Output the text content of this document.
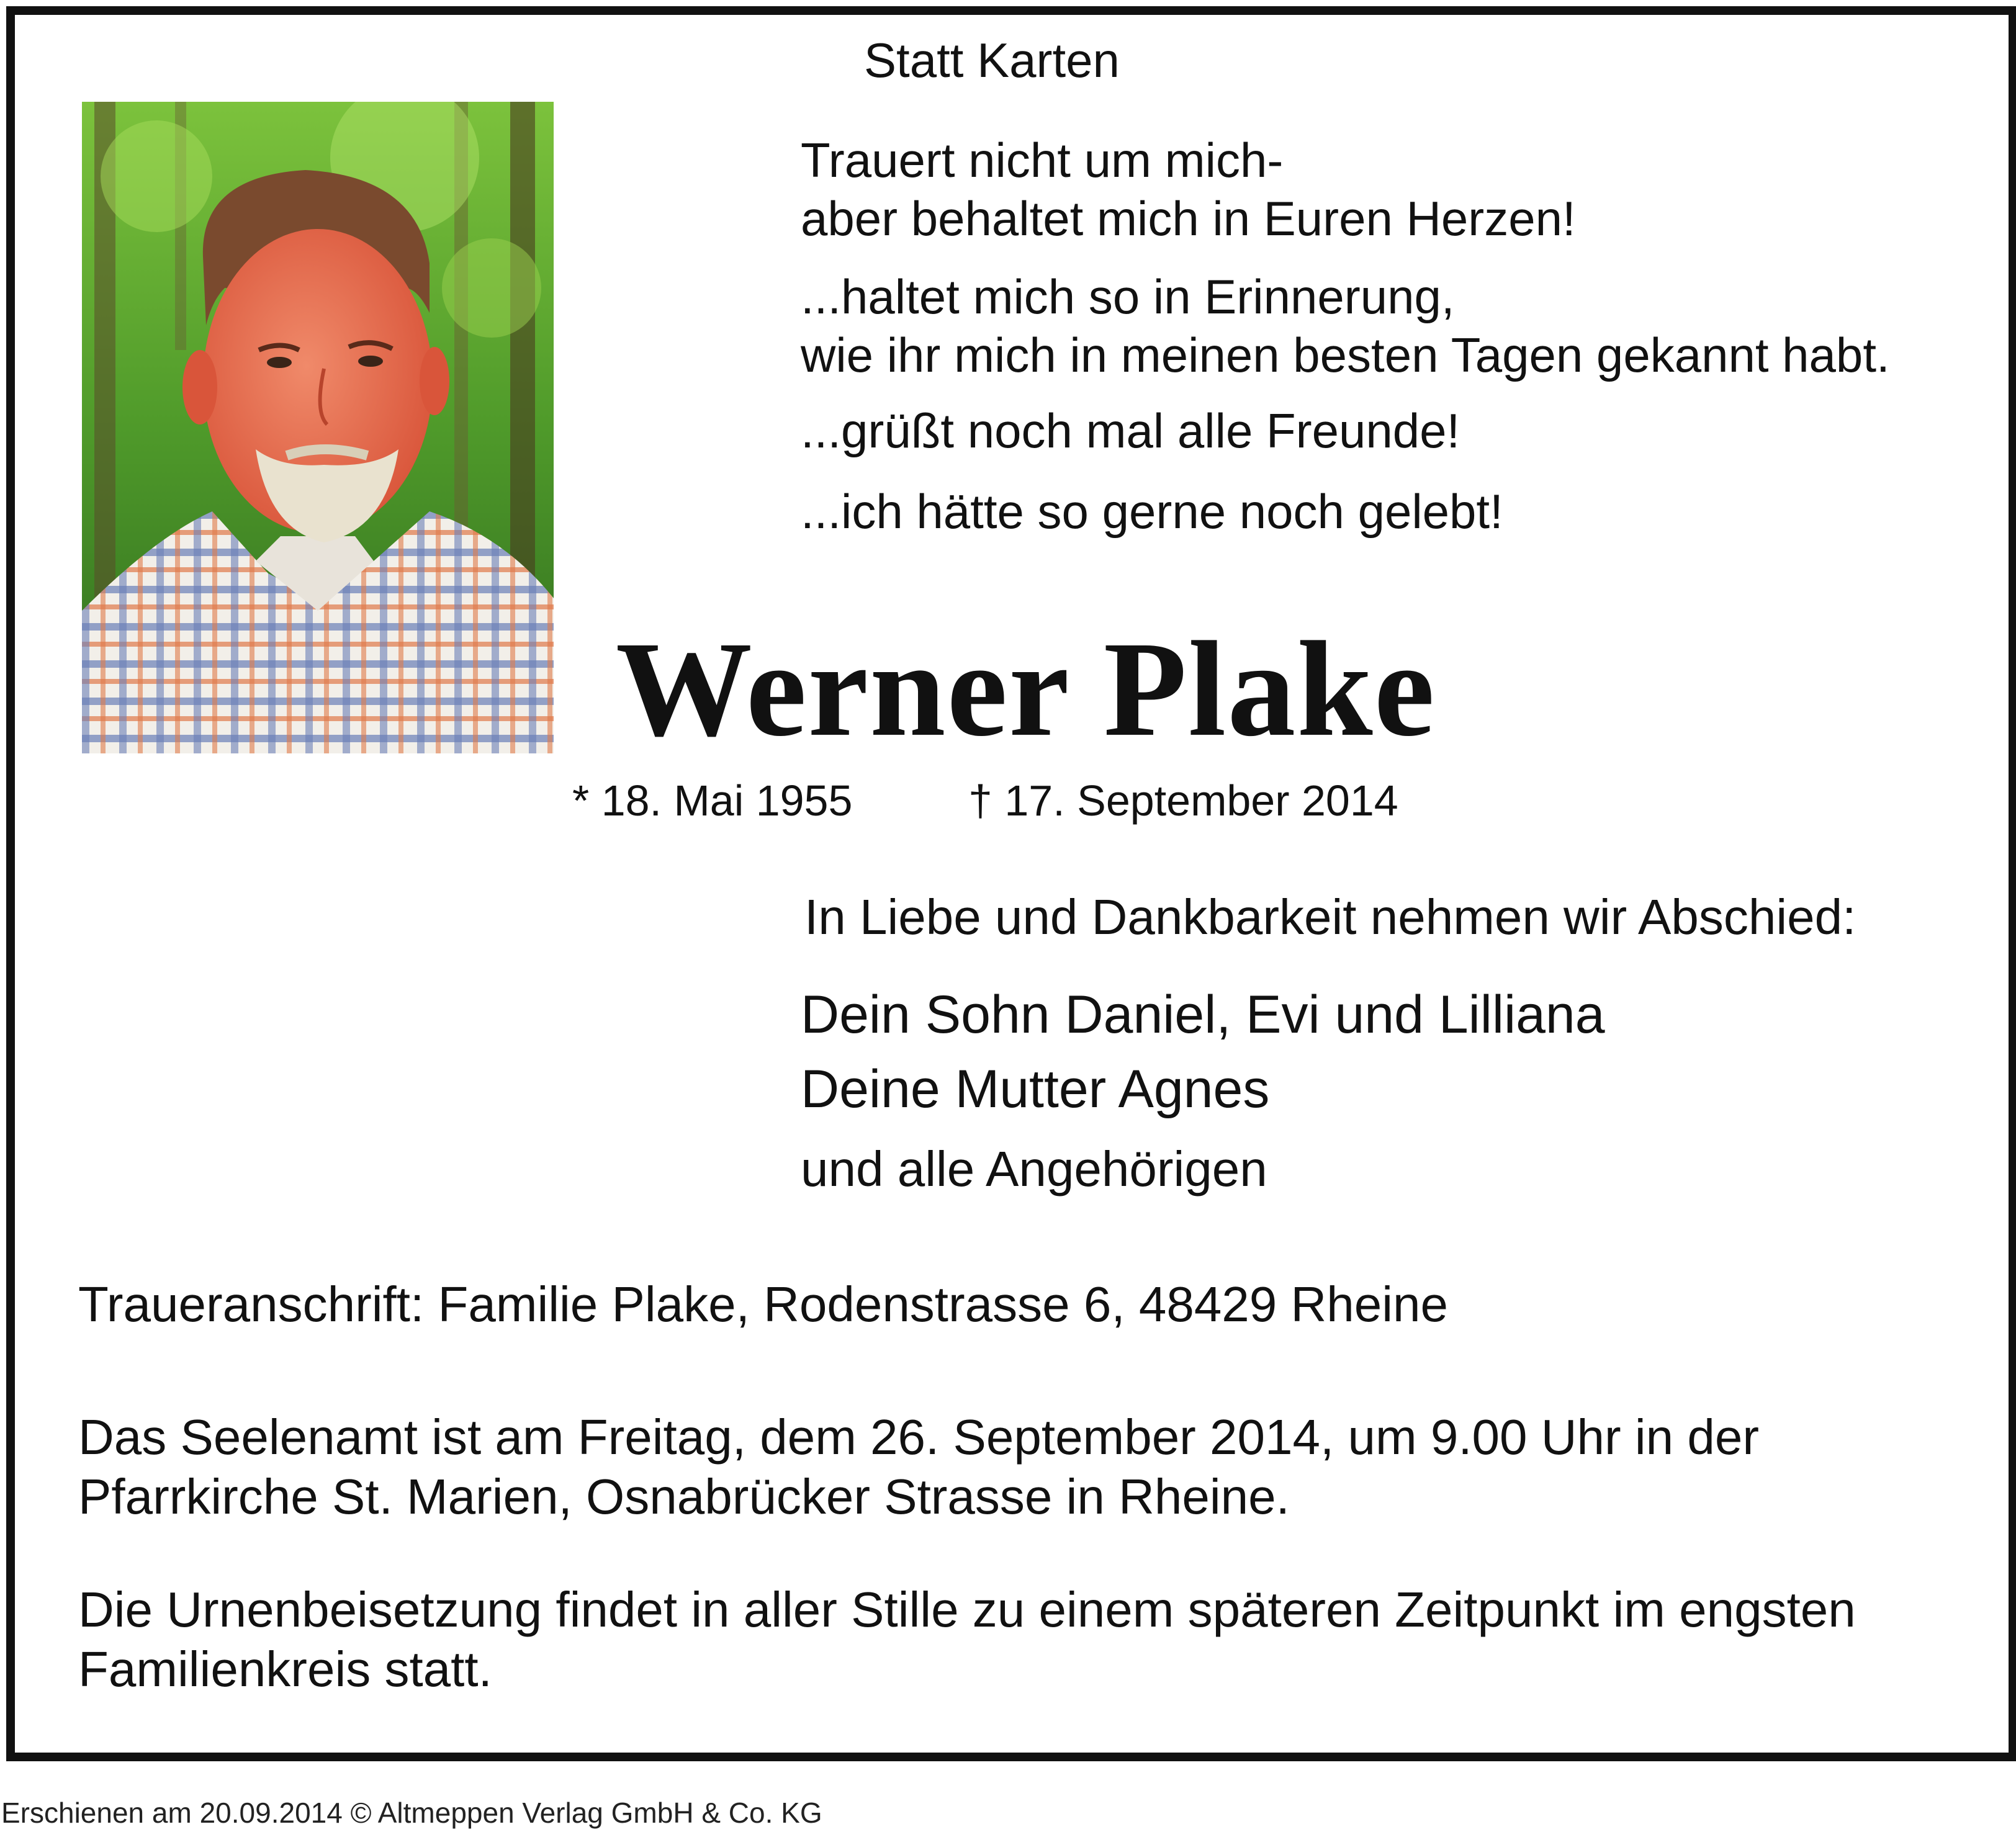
Statt Karten
Trauert nicht um mich-
aber behaltet mich in Euren Herzen!
...haltet mich so in Erinnerung,
wie ihr mich in meinen besten Tagen gekannt habt.
...grüßt noch mal alle Freunde!
...ich hätte so gerne noch gelebt!
Werner Plake
* 18. Mai 1955	† 17. September 2014
In Liebe und Dankbarkeit nehmen wir Abschied:
Dein Sohn Daniel, Evi und Lilliana
Deine Mutter Agnes
und alle Angehörigen
Traueranschrift: Familie Plake, Rodenstrasse 6, 48429 Rheine
Das Seelenamt ist am Freitag, dem 26. September 2014, um 9.00 Uhr in der
Pfarrkirche St. Marien, Osnabrücker Strasse in Rheine.
Die Urnenbeisetzung findet in aller Stille zu einem späteren Zeitpunkt im engsten
Familienkreis statt.
Erschienen am 20.09.2014 © Altmeppen Verlag GmbH & Co. KG
